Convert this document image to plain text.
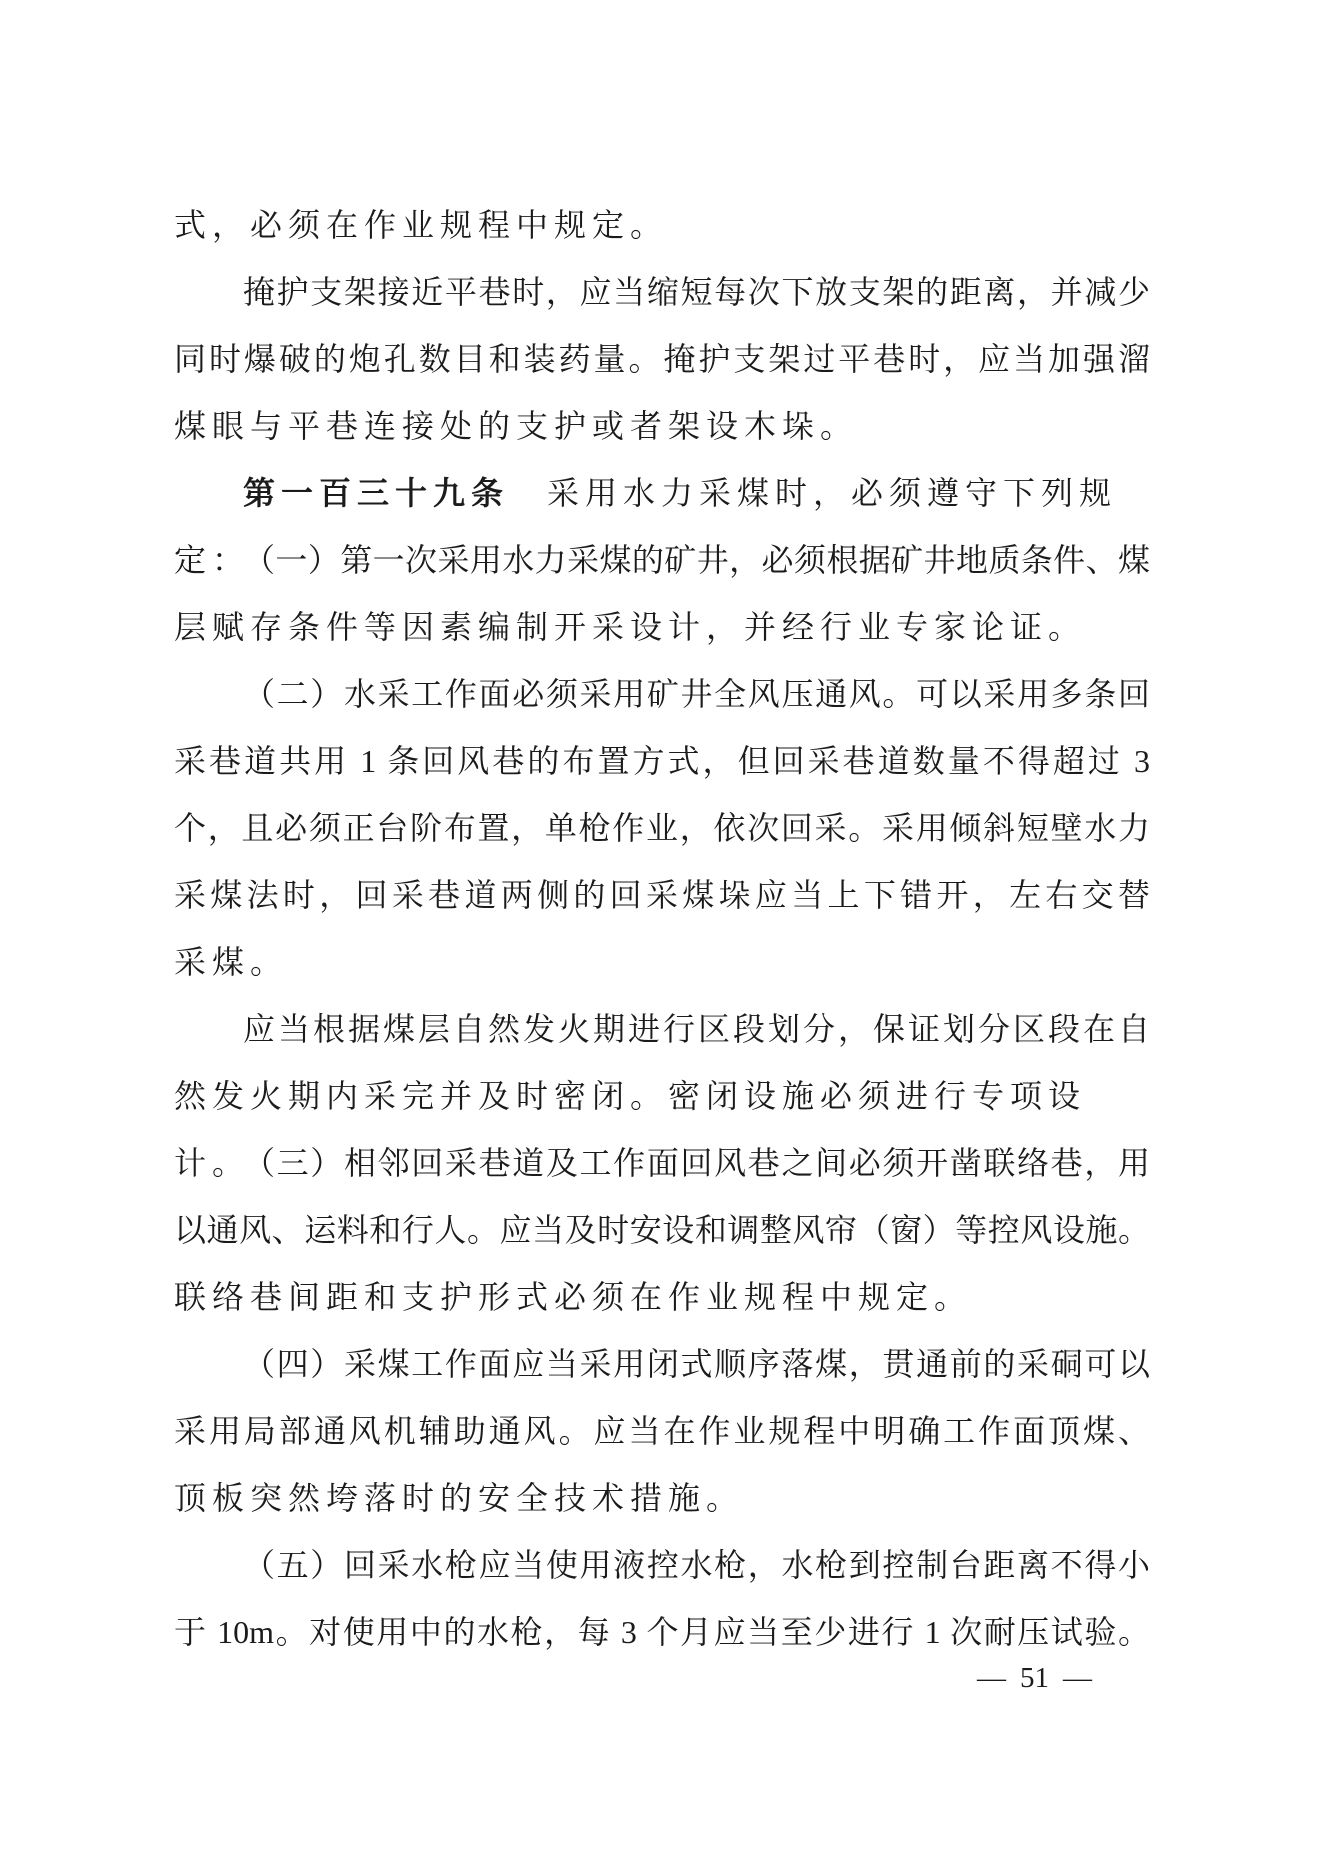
式，必须在作业规程中规定。
掩护支架接近平巷时，应当缩短每次下放支架的距离，并减少
同时爆破的炮孔数目和装药量。掩护支架过平巷时，应当加强溜
煤眼与平巷连接处的支护或者架设木垛。
第一百三十九条 采用水力采煤时，必须遵守下列规定：
（一）第一次采用水力采煤的矿井，必须根据矿井地质条件、煤
层赋存条件等因素编制开采设计，并经行业专家论证。
（二）水采工作面必须采用矿井全风压通风。可以采用多条回
采巷道共用 1 条回风巷的布置方式，但回采巷道数量不得超过 3
个，且必须正台阶布置，单枪作业，依次回采。采用倾斜短壁水力
采煤法时，回采巷道两侧的回采煤垛应当上下错开，左右交替
采煤。
应当根据煤层自然发火期进行区段划分，保证划分区段在自
然发火期内采完并及时密闭。密闭设施必须进行专项设计。
（三）相邻回采巷道及工作面回风巷之间必须开凿联络巷，用
以通风、运料和行人。应当及时安设和调整风帘（窗）等控风设施。
联络巷间距和支护形式必须在作业规程中规定。
（四）采煤工作面应当采用闭式顺序落煤，贯通前的采硐可以
采用局部通风机辅助通风。应当在作业规程中明确工作面顶煤、
顶板突然垮落时的安全技术措施。
（五）回采水枪应当使用液控水枪，水枪到控制台距离不得小
于 10m。对使用中的水枪，每 3 个月应当至少进行 1 次耐压试验。
— 51 —
